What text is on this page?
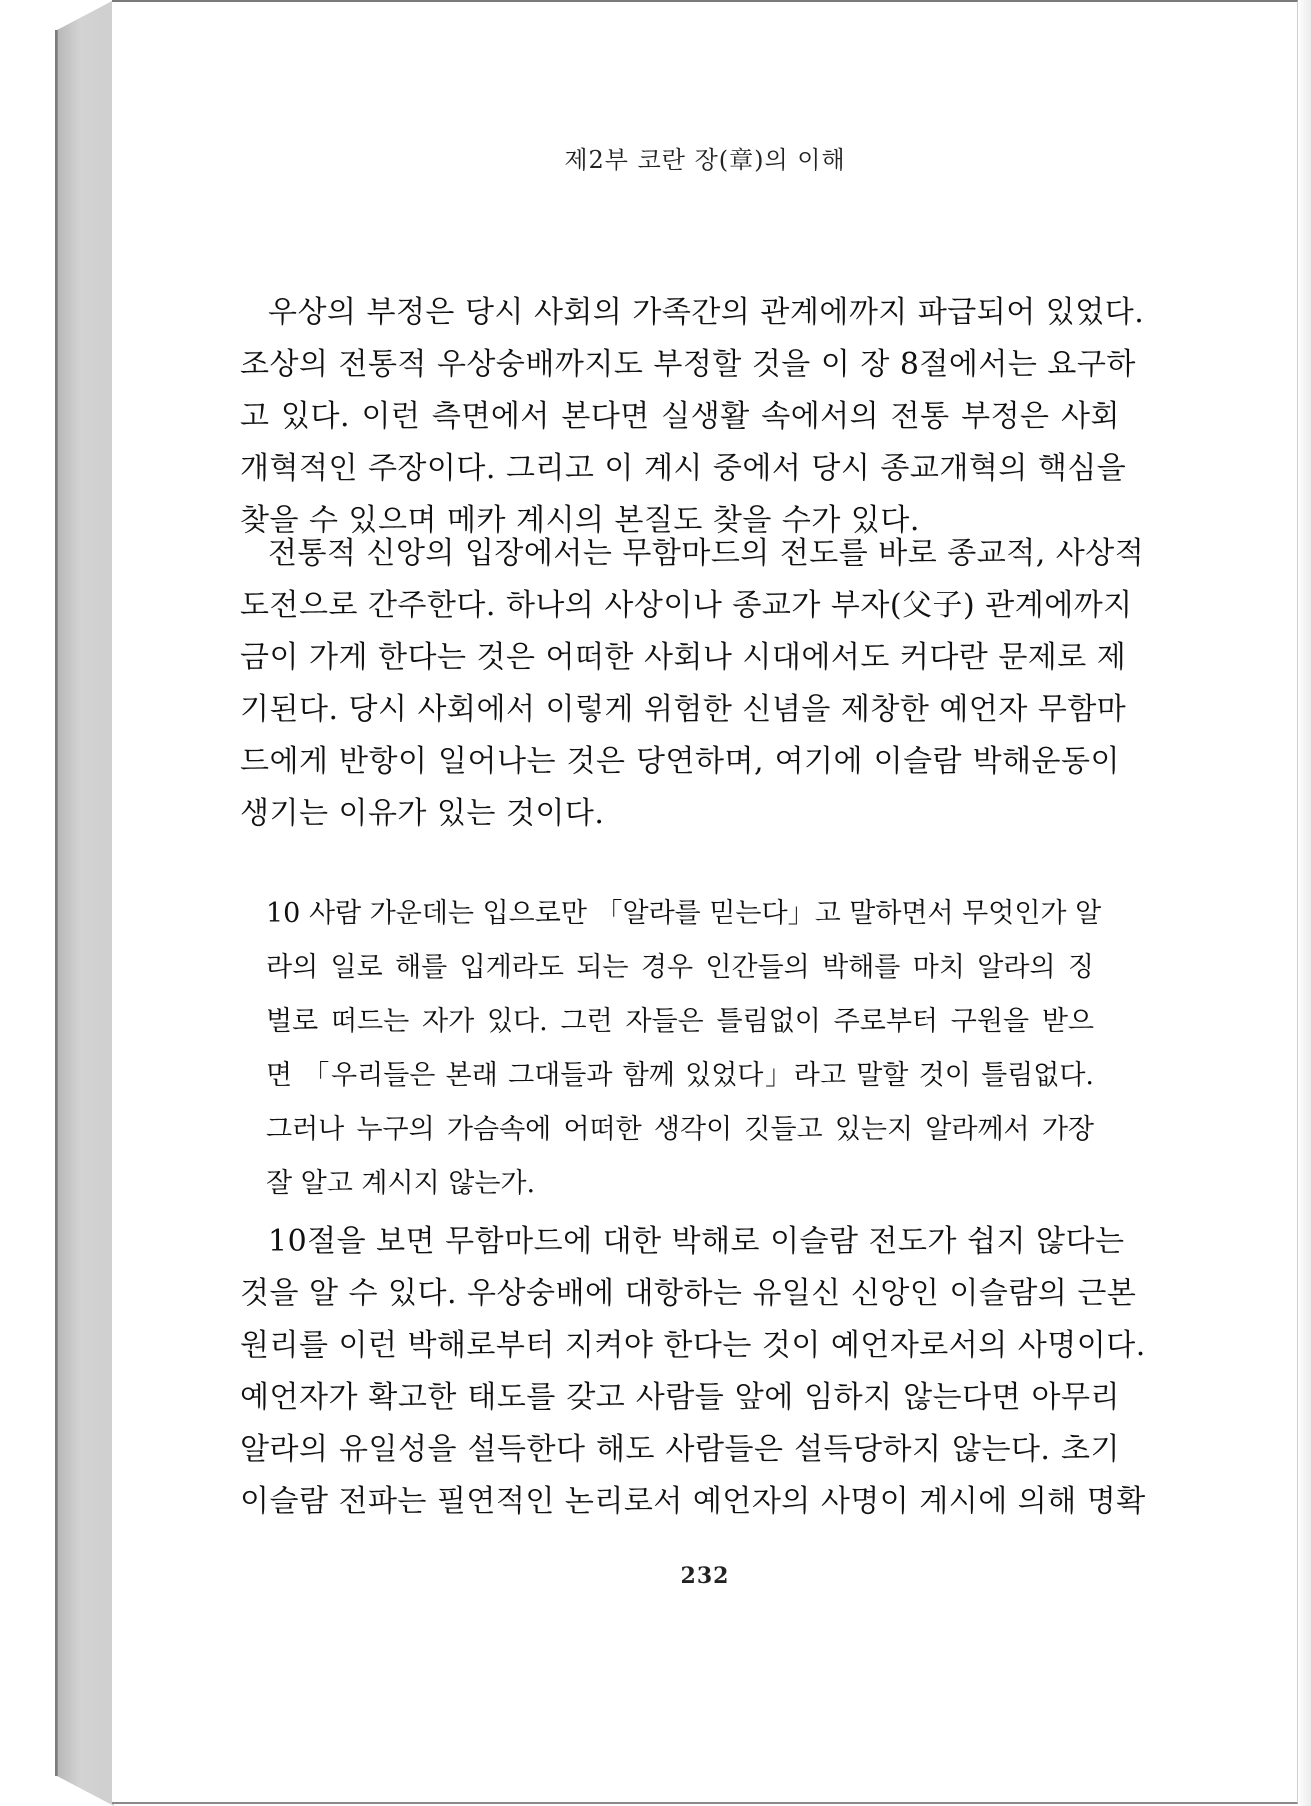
제2부 코란 장(章)의 이해
우상의 부정은 당시 사회의 가족간의 관계에까지 파급되어 있었다.
조상의 전통적 우상숭배까지도 부정할 것을 이 장 8절에서는 요구하
고 있다. 이런 측면에서 본다면 실생활 속에서의 전통 부정은 사회
개혁적인 주장이다. 그리고 이 계시 중에서 당시 종교개혁의 핵심을
찾을 수 있으며 메카 계시의 본질도 찾을 수가 있다.
전통적 신앙의 입장에서는 무함마드의 전도를 바로 종교적, 사상적
도전으로 간주한다. 하나의 사상이나 종교가 부자(父子) 관계에까지
금이 가게 한다는 것은 어떠한 사회나 시대에서도 커다란 문제로 제
기된다. 당시 사회에서 이렇게 위험한 신념을 제창한 예언자 무함마
드에게 반항이 일어나는 것은 당연하며, 여기에 이슬람 박해운동이
생기는 이유가 있는 것이다.
10 사람 가운데는 입으로만 「알라를 믿는다」고 말하면서 무엇인가 알
라의 일로 해를 입게라도 되는 경우 인간들의 박해를 마치 알라의 징
벌로 떠드는 자가 있다. 그런 자들은 틀림없이 주로부터 구원을 받으
면 「우리들은 본래 그대들과 함께 있었다」라고 말할 것이 틀림없다.
그러나 누구의 가슴속에 어떠한 생각이 깃들고 있는지 알라께서 가장
잘 알고 계시지 않는가.
10절을 보면 무함마드에 대한 박해로 이슬람 전도가 쉽지 않다는
것을 알 수 있다. 우상숭배에 대항하는 유일신 신앙인 이슬람의 근본
원리를 이런 박해로부터 지켜야 한다는 것이 예언자로서의 사명이다.
예언자가 확고한 태도를 갖고 사람들 앞에 임하지 않는다면 아무리
알라의 유일성을 설득한다 해도 사람들은 설득당하지 않는다. 초기
이슬람 전파는 필연적인 논리로서 예언자의 사명이 계시에 의해 명확
232
